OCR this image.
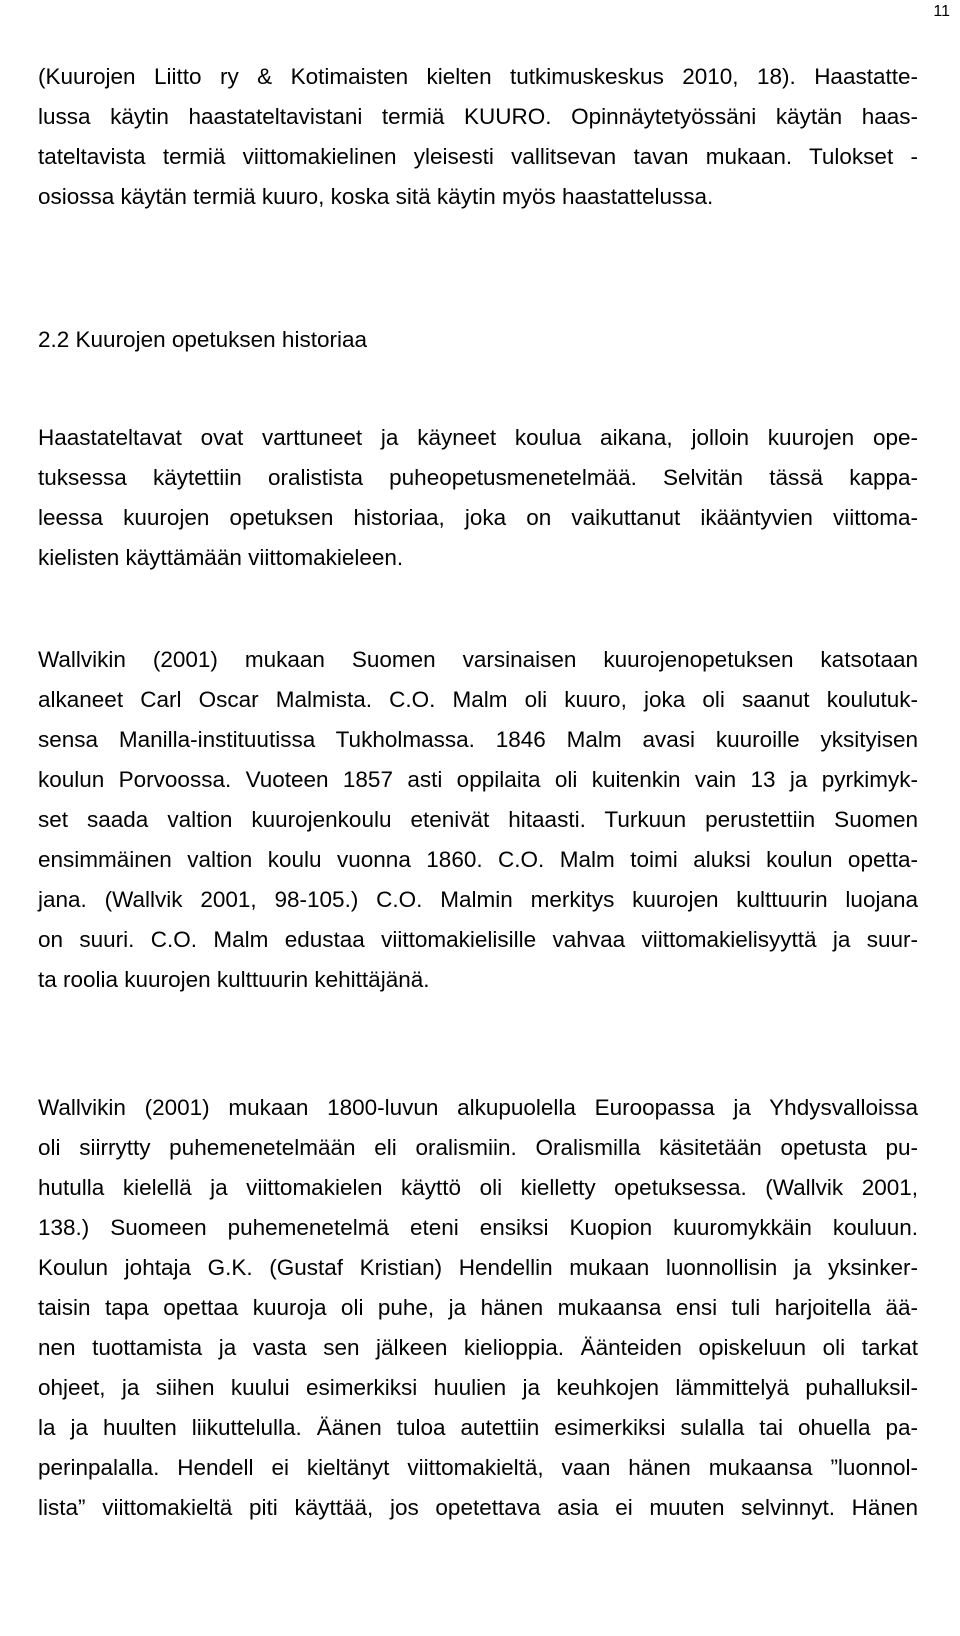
11
(Kuurojen Liitto ry & Kotimaisten kielten tutkimuskeskus 2010, 18). Haastatte-
lussa käytin haastateltavistani termiä KUURO. Opinnäytetyössäni käytän haas-
tateltavista termiä viittomakielinen yleisesti vallitsevan tavan mukaan. Tulokset -
osiossa käytän termiä kuuro, koska sitä käytin myös haastattelussa.
2.2 Kuurojen opetuksen historiaa
Haastateltavat ovat varttuneet ja käyneet koulua aikana, jolloin kuurojen ope-
tuksessa käytettiin oralistista puheopetusmenetelmää. Selvitän tässä kappa-
leessa kuurojen opetuksen historiaa, joka on vaikuttanut ikääntyvien viittoma-
kielisten käyttämään viittomakieleen.
Wallvikin (2001) mukaan Suomen varsinaisen kuurojenopetuksen katsotaan
alkaneet Carl Oscar Malmista. C.O. Malm oli kuuro, joka oli saanut koulutuk-
sensa Manilla-instituutissa Tukholmassa. 1846 Malm avasi kuuroille yksityisen
koulun Porvoossa. Vuoteen 1857 asti oppilaita oli kuitenkin vain 13 ja pyrkimyk-
set saada valtion kuurojenkoulu etenivät hitaasti. Turkuun perustettiin Suomen
ensimmäinen valtion koulu vuonna 1860. C.O. Malm toimi aluksi koulun opetta-
jana. (Wallvik 2001, 98-105.) C.O. Malmin merkitys kuurojen kulttuurin luojana
on suuri. C.O. Malm edustaa viittomakielisille vahvaa viittomakielisyyttä ja suur-
ta roolia kuurojen kulttuurin kehittäjänä.
Wallvikin (2001) mukaan 1800-luvun alkupuolella Euroopassa ja Yhdysvalloissa
oli siirrytty puhemenetelmään eli oralismiin. Oralismilla käsitetään opetusta pu-
hutulla kielellä ja viittomakielen käyttö oli kielletty opetuksessa. (Wallvik 2001,
138.) Suomeen puhemenetelmä eteni ensiksi Kuopion kuuromykkäin kouluun.
Koulun johtaja G.K. (Gustaf Kristian) Hendellin mukaan luonnollisin ja yksinker-
taisin tapa opettaa kuuroja oli puhe, ja hänen mukaansa ensi tuli harjoitella ää-
nen tuottamista ja vasta sen jälkeen kielioppia. Äänteiden opiskeluun oli tarkat
ohjeet, ja siihen kuului esimerkiksi huulien ja keuhkojen lämmittelyä puhalluksil-
la ja huulten liikuttelulla. Äänen tuloa autettiin esimerkiksi sulalla tai ohuella pa-
perinpalalla. Hendell ei kieltänyt viittomakieltä, vaan hänen mukaansa ”luonnol-
lista” viittomakieltä piti käyttää, jos opetettava asia ei muuten selvinnyt. Hänen
